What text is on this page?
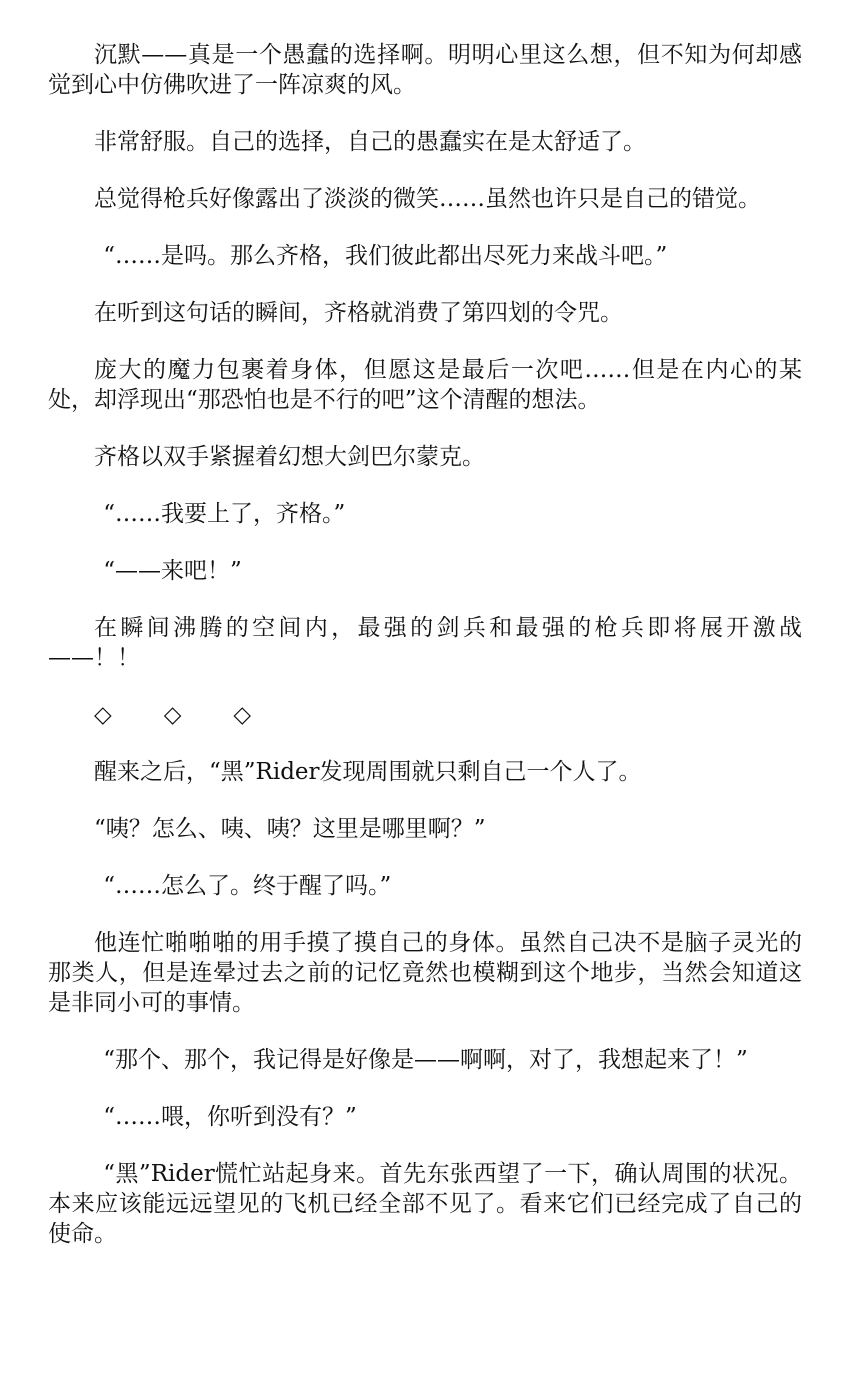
沉默——真是一个愚蠢的选择啊。明明心里这么想，但不知为何却感觉到心中仿佛吹进了一阵凉爽的风。

非常舒服。自己的选择，自己的愚蠢实在是太舒适了。

总觉得枪兵好像露出了淡淡的微笑……虽然也许只是自己的错觉。

“……是吗。那么齐格，我们彼此都出尽死力来战斗吧。”

在听到这句话的瞬间，齐格就消费了第四划的令咒。

庞大的魔力包裹着身体，但愿这是最后一次吧……但是在内心的某处，却浮现出“那恐怕也是不行的吧”这个清醒的想法。

齐格以双手紧握着幻想大剑巴尔蒙克。

“……我要上了，齐格。”

“——来吧！”

在瞬间沸腾的空间内，最强的剑兵和最强的枪兵即将展开激战——！！

◇ ◇ ◇

醒来之后，“黑”Rider发现周围就只剩自己一个人了。

“咦？怎么、咦、咦？这里是哪里啊？”

“……怎么了。终于醒了吗。”

他连忙啪啪啪的用手摸了摸自己的身体。虽然自己决不是脑子灵光的那类人，但是连晕过去之前的记忆竟然也模糊到这个地步，当然会知道这是非同小可的事情。

“那个、那个，我记得是好像是——啊啊，对了，我想起来了！”

“……喂，你听到没有？”

“黑”Rider慌忙站起身来。首先东张西望了一下，确认周围的状况。本来应该能远远望见的飞机已经全部不见了。看来它们已经完成了自己的使命。
